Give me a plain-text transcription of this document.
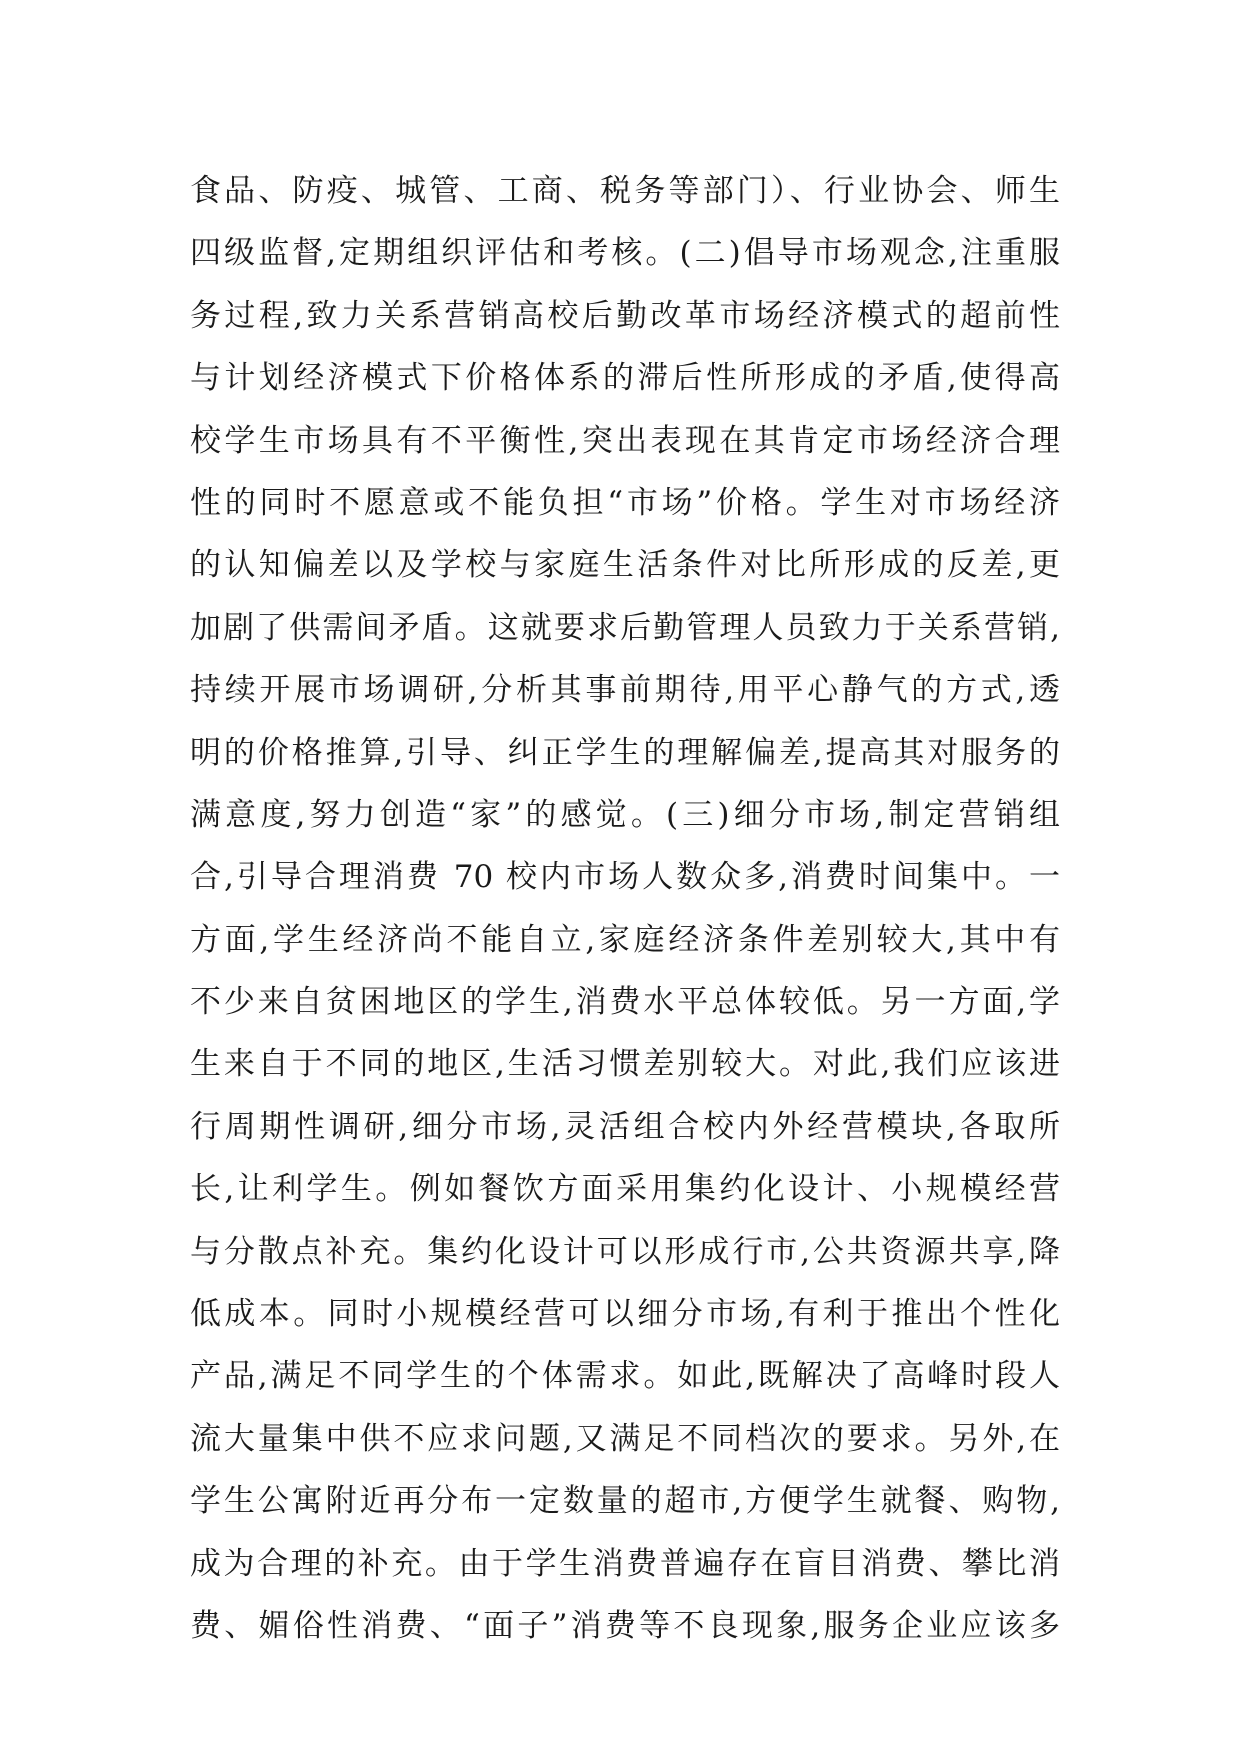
食品、防疫、城管、工商、税务等部门）、行业协会、师生
四级监督,定期组织评估和考核。(二)倡导市场观念,注重服
务过程,致力关系营销高校后勤改革市场经济模式的超前性
与计划经济模式下价格体系的滞后性所形成的矛盾,使得高
校学生市场具有不平衡性,突出表现在其肯定市场经济合理
性的同时不愿意或不能负担“市场”价格。学生对市场经济
的认知偏差以及学校与家庭生活条件对比所形成的反差,更
加剧了供需间矛盾。这就要求后勤管理人员致力于关系营销,
持续开展市场调研,分析其事前期待,用平心静气的方式,透
明的价格推算,引导、纠正学生的理解偏差,提高其对服务的
满意度,努力创造“家”的感觉。(三)细分市场,制定营销组
合,引导合理消费 70 校内市场人数众多,消费时间集中。一
方面,学生经济尚不能自立,家庭经济条件差别较大,其中有
不少来自贫困地区的学生,消费水平总体较低。另一方面,学
生来自于不同的地区,生活习惯差别较大。对此,我们应该进
行周期性调研,细分市场,灵活组合校内外经营模块,各取所
长,让利学生。例如餐饮方面采用集约化设计、小规模经营
与分散点补充。集约化设计可以形成行市,公共资源共享,降
低成本。同时小规模经营可以细分市场,有利于推出个性化
产品,满足不同学生的个体需求。如此,既解决了高峰时段人
流大量集中供不应求问题,又满足不同档次的要求。另外,在
学生公寓附近再分布一定数量的超市,方便学生就餐、购物,
成为合理的补充。由于学生消费普遍存在盲目消费、攀比消
费、媚俗性消费、“面子”消费等不良现象,服务企业应该多
